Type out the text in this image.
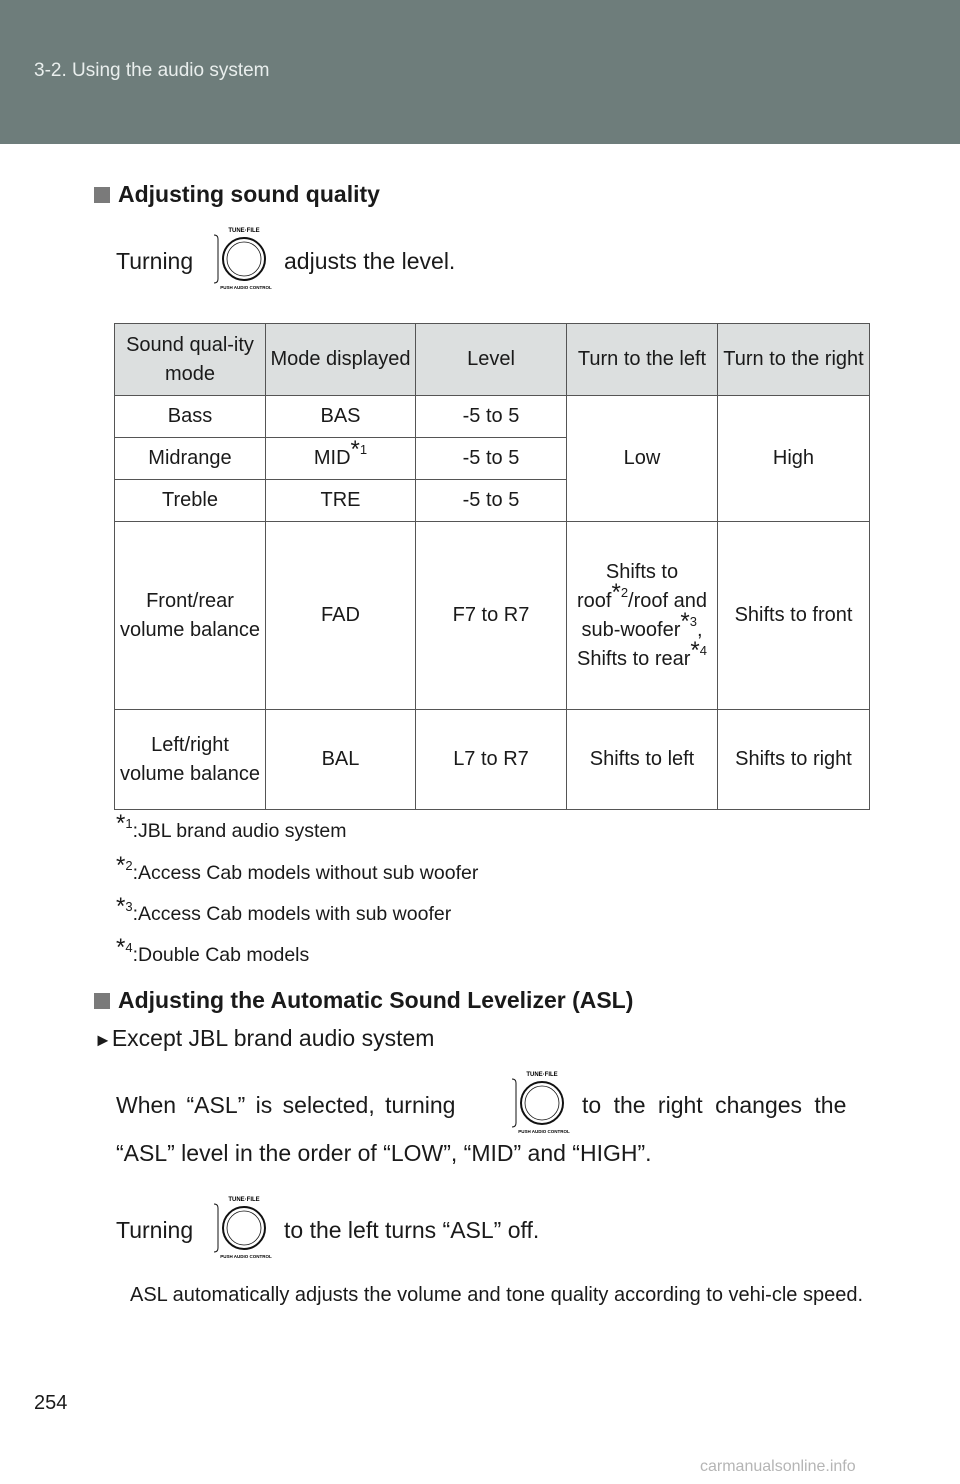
3-2. Using the audio system
Adjusting sound quality
Turning
TUNE·FILE
PUSH AUDIO CONTROL
adjusts the level.
Sound qual-ity mode	Mode displayed	Level	Turn to the left	Turn to the right
Bass	BAS	-5 to 5	Low	High
Midrange	MID$^{*1}$	-5 to 5		
Treble	TRE	-5 to 5		
Front/rear volume balance	FAD	F7 to R7	Shifts to roof$^{*2}$/roof and sub-woofer$^{*3}$, Shifts to rear$^{*4}$	Shifts to front
Left/right volume balance	BAL	L7 to R7	Shifts to left	Shifts to right
$^{*1}$:JBL brand audio system
$^{*2}$:Access Cab models without sub woofer
$^{*3}$:Access Cab models with sub woofer
$^{*4}$:Double Cab models
Adjusting the Automatic Sound Levelizer (ASL)
►Except JBL brand audio system
When “ASL” is selected, turning
TUNE·FILE
PUSH AUDIO CONTROL
to the right changes the
“ASL” level in the order of “LOW”, “MID” and “HIGH”.
Turning
TUNE·FILE
PUSH AUDIO CONTROL
to the left turns “ASL” off.
ASL automatically adjusts the volume and tone quality according to vehi-cle speed.
254
carmanualsonline.info
